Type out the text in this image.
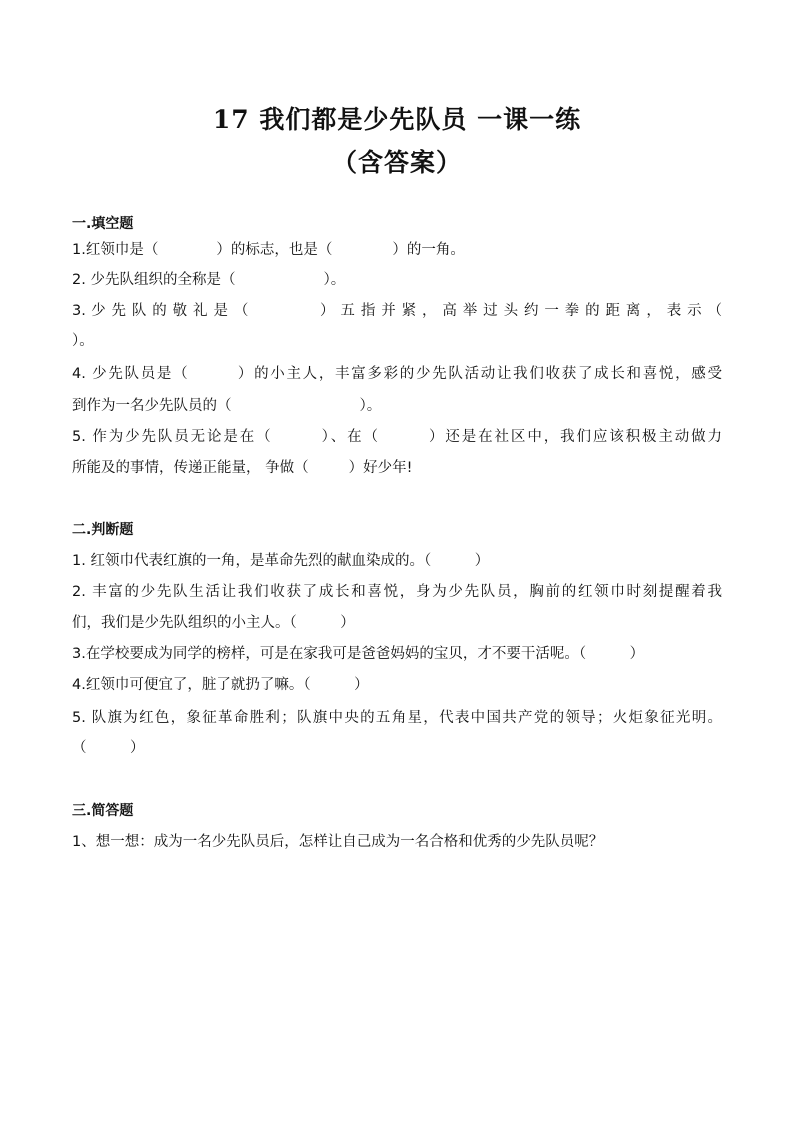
17 我们都是少先队员 一课一练
（含答案）
一.填空题
1.红领巾是（	）的标志，也是（	）的一角。
2. 少先队组织的全称是（	）。
3. 少 先 队 的 敬 礼 是 （ 　　　　 ） 五 指 并 紧 ， 高 举 过 头 约 一 拳 的 距 离 ， 表 示 （
）。
4. 少先队员是（　　　）的小主人，丰富多彩的少先队活动让我们收获了成长和喜悦，感受
到作为一名少先队员的（	）。
5. 作为少先队员无论是在（　　　）、在（　　　）还是在社区中，我们应该积极主动做力
所能及的事情，传递正能量， 争做（	）好少年!
二.判断题
1. 红领巾代表红旗的一角，是革命先烈的献血染成的。（　　　）
2. 丰富的少先队生活让我们收获了成长和喜悦，身为少先队员，胸前的红领巾时刻提醒着我
们，我们是少先队组织的小主人。（　　　）
3.在学校要成为同学的榜样，可是在家我可是爸爸妈妈的宝贝，才不要干活呢。（　　　）
4.红领巾可便宜了，脏了就扔了嘛。（　　　）
5. 队旗为红色，象征革命胜利；队旗中央的五角星，代表中国共产党的领导；火炬象征光明。
（　　　）
三.简答题
1、想一想：成为一名少先队员后，怎样让自己成为一名合格和优秀的少先队员呢？
